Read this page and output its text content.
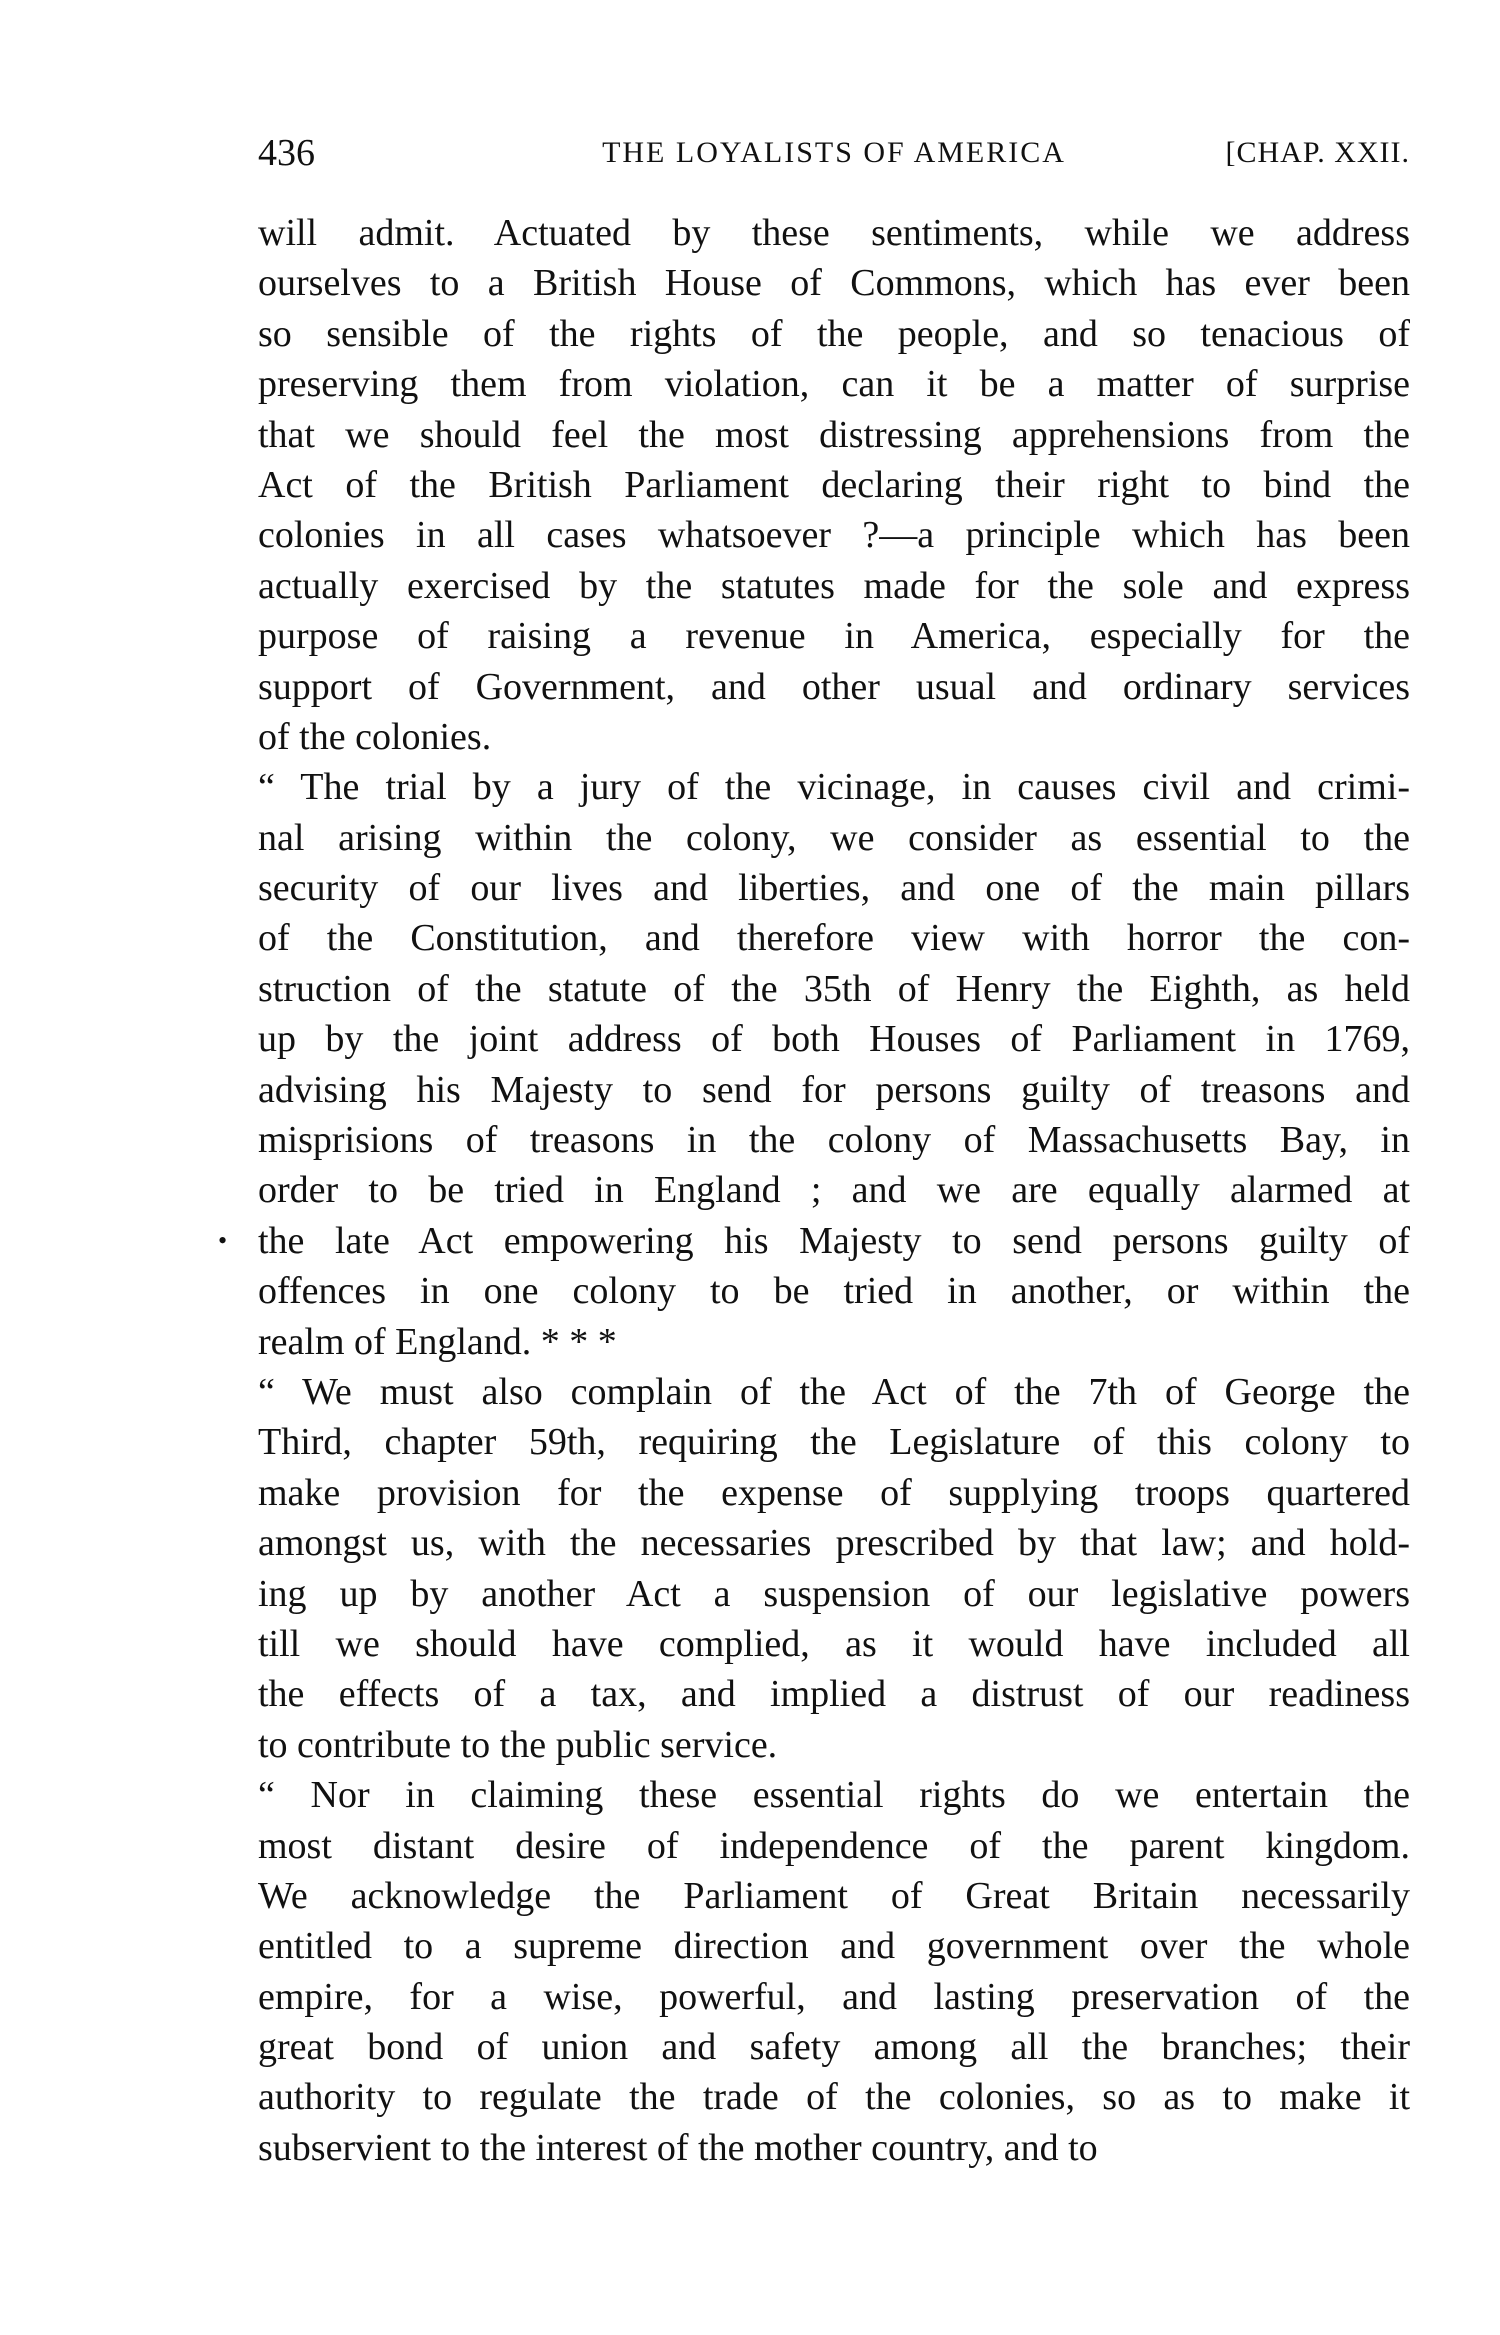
436	THE LOYALISTS OF AMERICA	[CHAP. XXII.
•
will admit. Actuated by these sentiments, while we address
ourselves to a British House of Commons, which has ever been
so sensible of the rights of the people, and so tenacious of
preserving them from violation, can it be a matter of surprise
that we should feel the most distressing apprehensions from the
Act of the British Parliament declaring their right to bind the
colonies in all cases whatsoever ?—a principle which has been
actually exercised by the statutes made for the sole and express
purpose of raising a revenue in America, especially for the
support of Government, and other usual and ordinary services
of the colonies.
“ The trial by a jury of the vicinage, in causes civil and crimi-
nal arising within the colony, we consider as essential to the
security of our lives and liberties, and one of the main pillars
of the Constitution, and therefore view with horror the con-
struction of the statute of the 35th of Henry the Eighth, as held
up by the joint address of both Houses of Parliament in 1769,
advising his Majesty to send for persons guilty of treasons and
misprisions of treasons in the colony of Massachusetts Bay, in
order to be tried in England ; and we are equally alarmed at
the late Act empowering his Majesty to send persons guilty of
offences in one colony to be tried in another, or within the
realm of England. * * *
“ We must also complain of the Act of the 7th of George the
Third, chapter 59th, requiring the Legislature of this colony to
make provision for the expense of supplying troops quartered
amongst us, with the necessaries prescribed by that law; and hold-
ing up by another Act a suspension of our legislative powers
till we should have complied, as it would have included all
the effects of a tax, and implied a distrust of our readiness
to contribute to the public service.
“ Nor in claiming these essential rights do we entertain the
most distant desire of independence of the parent kingdom.
We acknowledge the Parliament of Great Britain necessarily
entitled to a supreme direction and government over the whole
empire, for a wise, powerful, and lasting preservation of the
great bond of union and safety among all the branches; their
authority to regulate the trade of the colonies, so as to make it
subservient to the interest of the mother country, and to
